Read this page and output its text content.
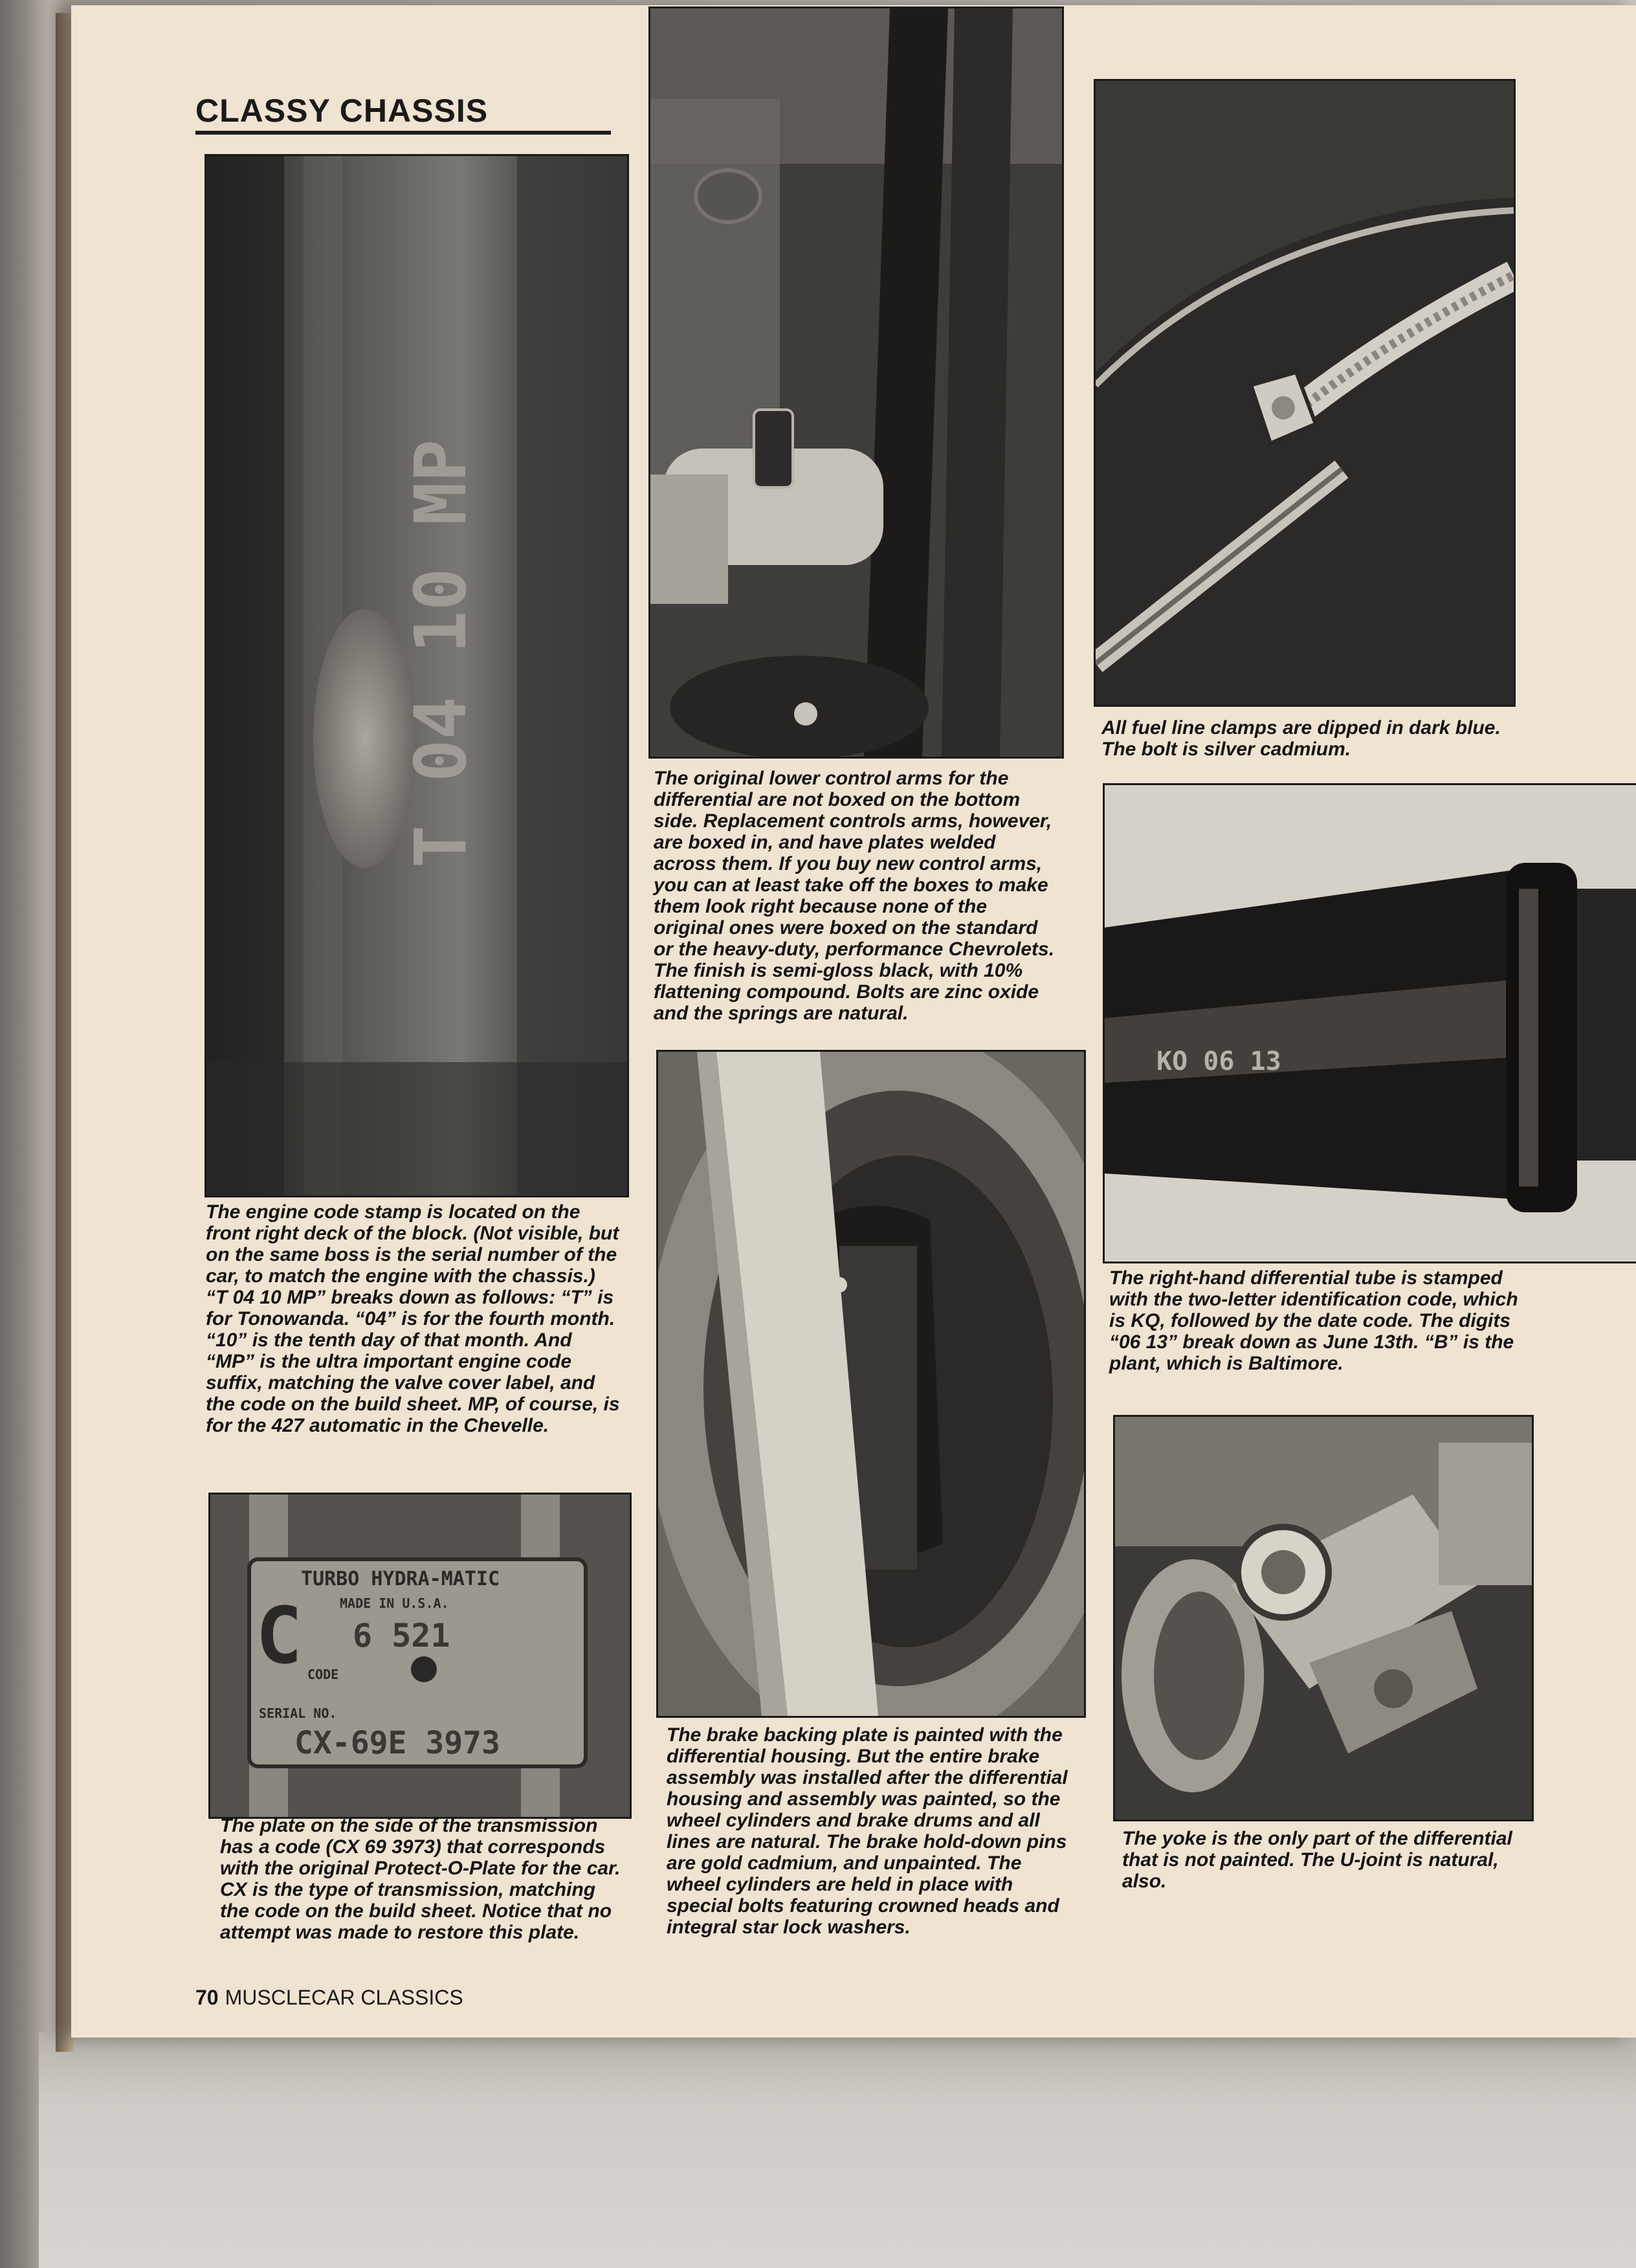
CLASSY CHASSIS
T 04 10 MP

The engine code stamp is located on the front right deck of the block. (Not visible, but on the same boss is the serial number of the car, to match the engine with the chassis.) “T 04 10 MP” breaks down as follows: “T” is for Tonowanda. “04” is for the fourth month. “10” is the tenth day of that month. And “MP” is the ultra important engine code suffix, matching the valve cover label, and the code on the build sheet. MP, of course, is for the 427 automatic in the Chevelle.

C
TURBO HYDRA-MATIC
MADE IN U.S.A.
6 521
CODE
SERIAL NO.
CX-69E 3973

The plate on the side of the transmission has a code (CX 69 3973) that corresponds with the original Protect-O-Plate for the car. CX is the type of transmission, matching the code on the build sheet. Notice that no attempt was made to restore this plate.

The original lower control arms for the differential are not boxed on the bottom side. Replacement controls arms, however, are boxed in, and have plates welded across them. If you buy new control arms, you can at least take off the boxes to make them look right because none of the original ones were boxed on the standard or the heavy-duty, performance Chevrolets. The finish is semi-gloss black, with 10% flattening compound. Bolts are zinc oxide and the springs are natural.

The brake backing plate is painted with the differential housing. But the entire brake assembly was installed after the differential housing and assembly was painted, so the wheel cylinders and brake drums and all lines are natural. The brake hold-down pins are gold cadmium, and unpainted. The wheel cylinders are held in place with special bolts featuring crowned heads and integral star lock washers.

All fuel line clamps are dipped in dark blue. The bolt is silver cadmium.

KO 06 13

The right-hand differential tube is stamped with the two-letter identification code, which is KQ, followed by the date code. The digits “06 13” break down as June 13th. “B” is the plant, which is Baltimore.

The yoke is the only part of the differential that is not painted. The U-joint is natural, also.

70 MUSCLECAR CLASSICS
